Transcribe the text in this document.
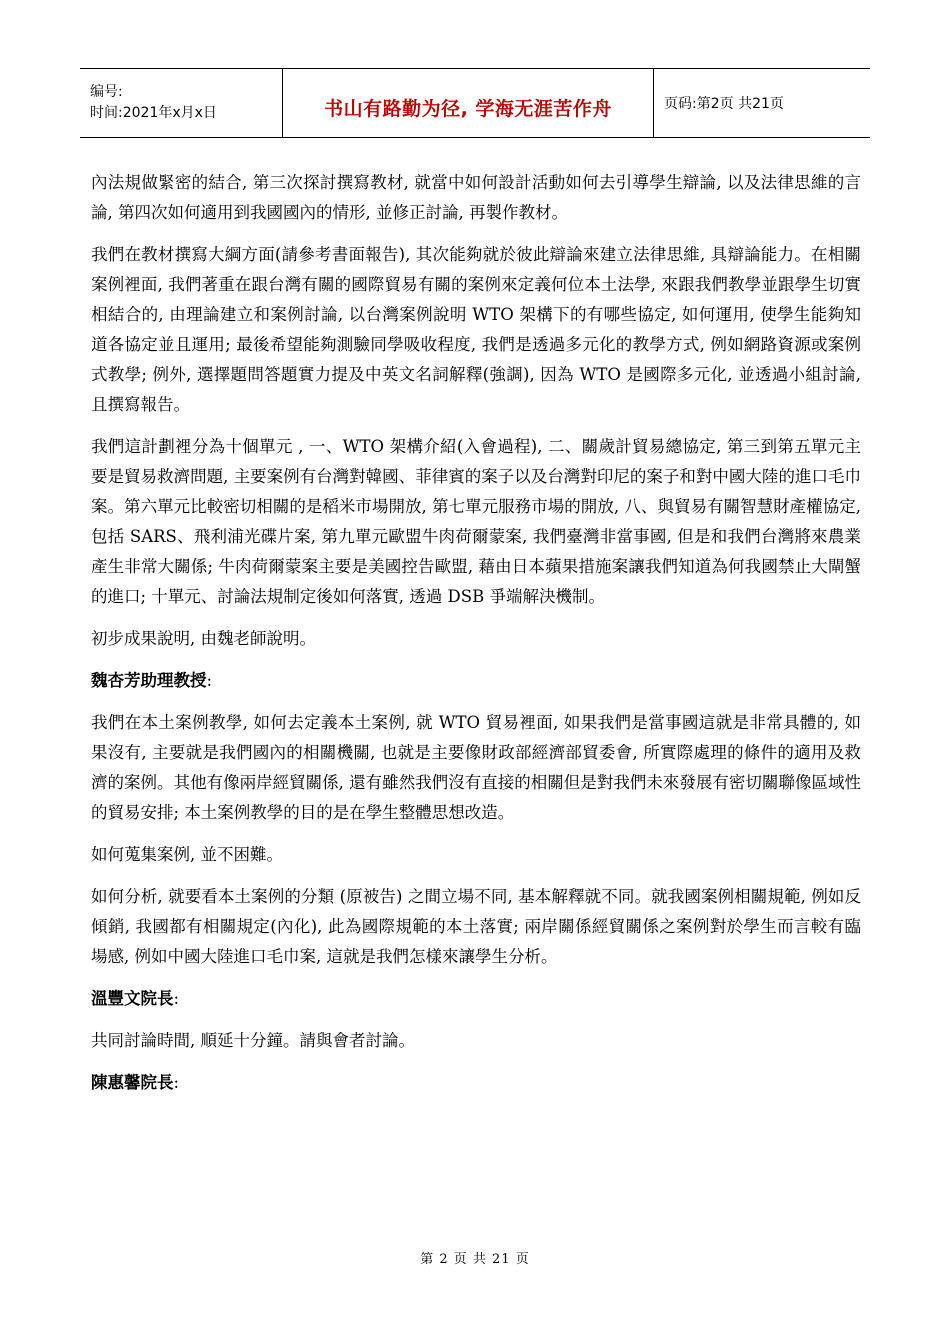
编号:
时间:2021年x月x日	书山有路勤为径, 学海无涯苦作舟	页码:第2页 共21页

內法規做緊密的結合, 第三次探討撰寫教材, 就當中如何設計活動如何去引導學生辯論, 以及法律思維的言論, 第四次如何適用到我國國內的情形, 並修正討論, 再製作教材。

我們在教材撰寫大綱方面(請參考書面報告), 其次能夠就於彼此辯論來建立法律思維, 具辯論能力。在相關案例裡面, 我們著重在跟台灣有關的國際貿易有關的案例來定義何位本土法學, 來跟我們教學並跟學生切實相結合的, 由理論建立和案例討論, 以台灣案例說明 WTO 架構下的有哪些協定, 如何運用, 使學生能夠知道各協定並且運用; 最後希望能夠測驗同學吸收程度, 我們是透過多元化的教學方式, 例如網路資源或案例式教學; 例外, 選擇題問答題實力提及中英文名詞解釋(強調), 因為 WTO 是國際多元化, 並透過小組討論, 且撰寫報告。

我們這計劃裡分為十個單元 , 一、WTO 架構介紹(入會過程), 二、關歲計貿易總協定, 第三到第五單元主要是貿易救濟問題, 主要案例有台灣對韓國、菲律賓的案子以及台灣對印尼的案子和對中國大陸的進口毛巾案。第六單元比較密切相關的是稻米市場開放, 第七單元服務市場的開放, 八、與貿易有關智慧財產權協定, 包括 SARS、飛利浦光碟片案, 第九單元歐盟牛肉荷爾蒙案, 我們臺灣非當事國, 但是和我們台灣將來農業產生非常大關係; 牛肉荷爾蒙案主要是美國控告歐盟, 藉由日本蘋果措施案讓我們知道為何我國禁止大閘蟹的進口; 十單元、討論法規制定後如何落實, 透過 DSB 爭端解決機制。

初步成果說明, 由魏老師說明。

魏杏芳助理教授:

我們在本土案例教學, 如何去定義本土案例, 就 WTO 貿易裡面, 如果我們是當事國這就是非常具體的, 如果沒有, 主要就是我們國內的相關機關, 也就是主要像財政部經濟部貿委會, 所實際處理的條件的適用及救濟的案例。其他有像兩岸經貿關係, 還有雖然我們沒有直接的相關但是對我們未來發展有密切關聯像區域性的貿易安排; 本土案例教學的目的是在學生整體思想改造。

如何蒐集案例, 並不困難。

如何分析, 就要看本土案例的分類 (原被告) 之間立場不同, 基本解釋就不同。就我國案例相關規範, 例如反傾銷, 我國都有相關規定(內化), 此為國際規範的本土落實; 兩岸關係經貿關係之案例對於學生而言較有臨場感, 例如中國大陸進口毛巾案, 這就是我們怎樣來讓學生分析。

溫豐文院長:

共同討論時間, 順延十分鐘。請與會者討論。

陳惠馨院長:

第 2 页 共 21 页
